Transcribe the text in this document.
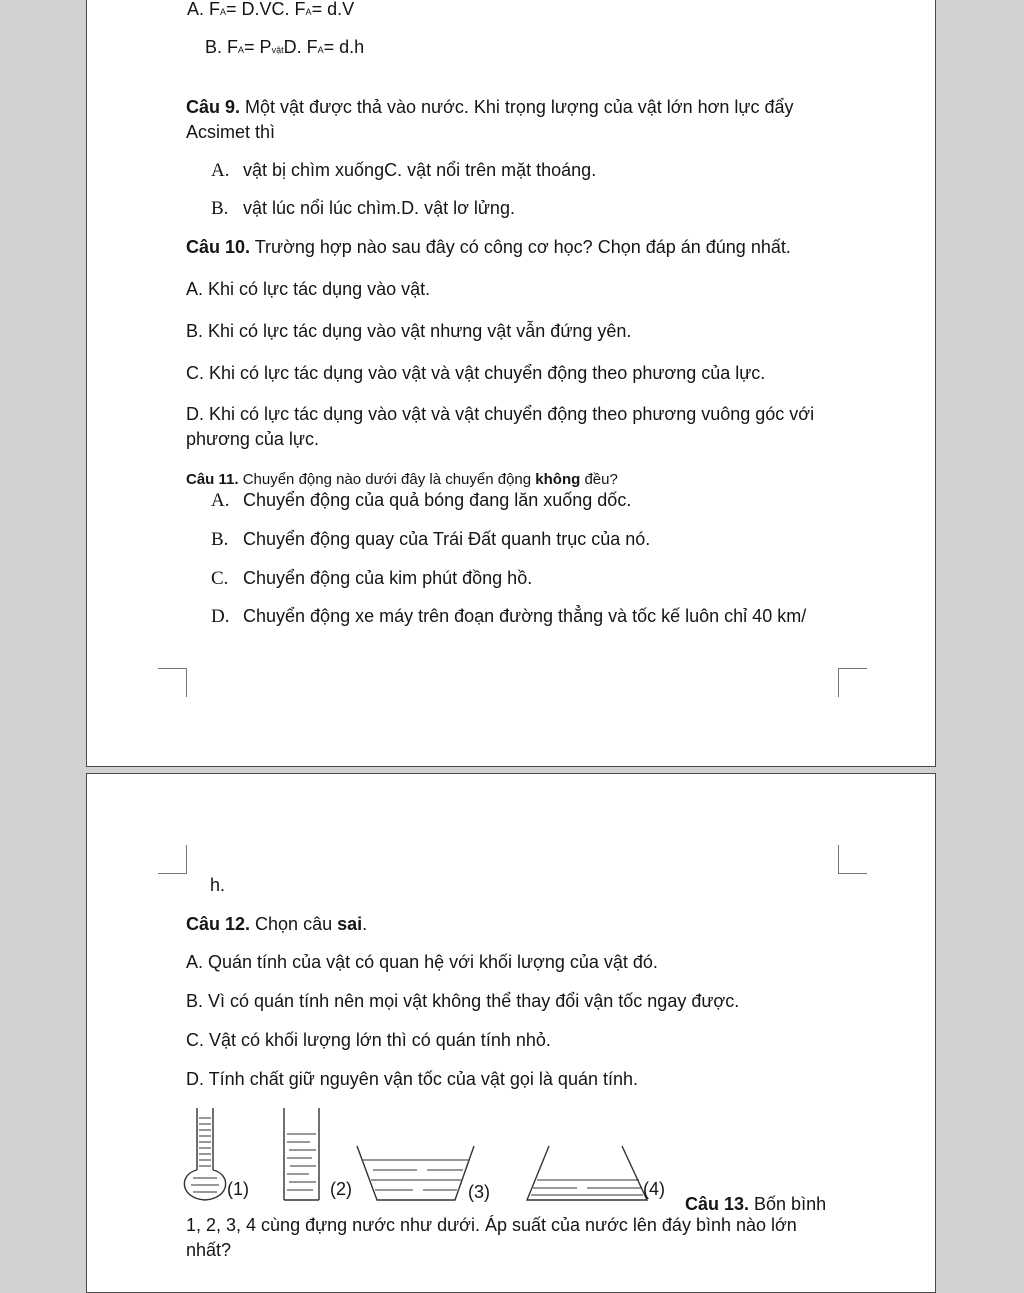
A. FA= D.VC. FA= d.V
B. FA= PvậtD. FA= d.h
Câu 9. Một vật được thả vào nước. Khi trọng lượng của vật lớn hơn lực đẩy Acsimet thì
A. vật bị chìm xuốngC. vật nổi trên mặt thoáng.
B. vật lúc nổi lúc chìm.D. vật lơ lửng.
Câu 10. Trường hợp nào sau đây có công cơ học? Chọn đáp án đúng nhất.
A. Khi có lực tác dụng vào vật.
B. Khi có lực tác dụng vào vật nhưng vật vẫn đứng yên.
C. Khi có lực tác dụng vào vật và vật chuyển động theo phương của lực.
D. Khi có lực tác dụng vào vật và vật chuyển động theo phương vuông góc với phương của lực.
Câu 11. Chuyển động nào dưới đây là chuyển động không đều?
A. Chuyển động của quả bóng đang lăn xuống dốc.
B. Chuyển động quay của Trái Đất quanh trục của nó.
C. Chuyển động của kim phút đồng hồ.
D. Chuyển động xe máy trên đoạn đường thẳng và tốc kế luôn chỉ 40 km/
h.
Câu 12. Chọn câu sai.
A. Quán tính của vật có quan hệ với khối lượng của vật đó.
B. Vì có quán tính nên mọi vật không thể thay đổi vận tốc ngay được.
C. Vật có khối lượng lớn thì có quán tính nhỏ.
D. Tính chất giữ nguyên vận tốc của vật gọi là quán tính.
(1)	(2)	(3)	(4)
Câu 13. Bốn bình
1, 2, 3, 4 cùng đựng nước như dưới. Áp suất của nước lên đáy bình nào lớn nhất?
